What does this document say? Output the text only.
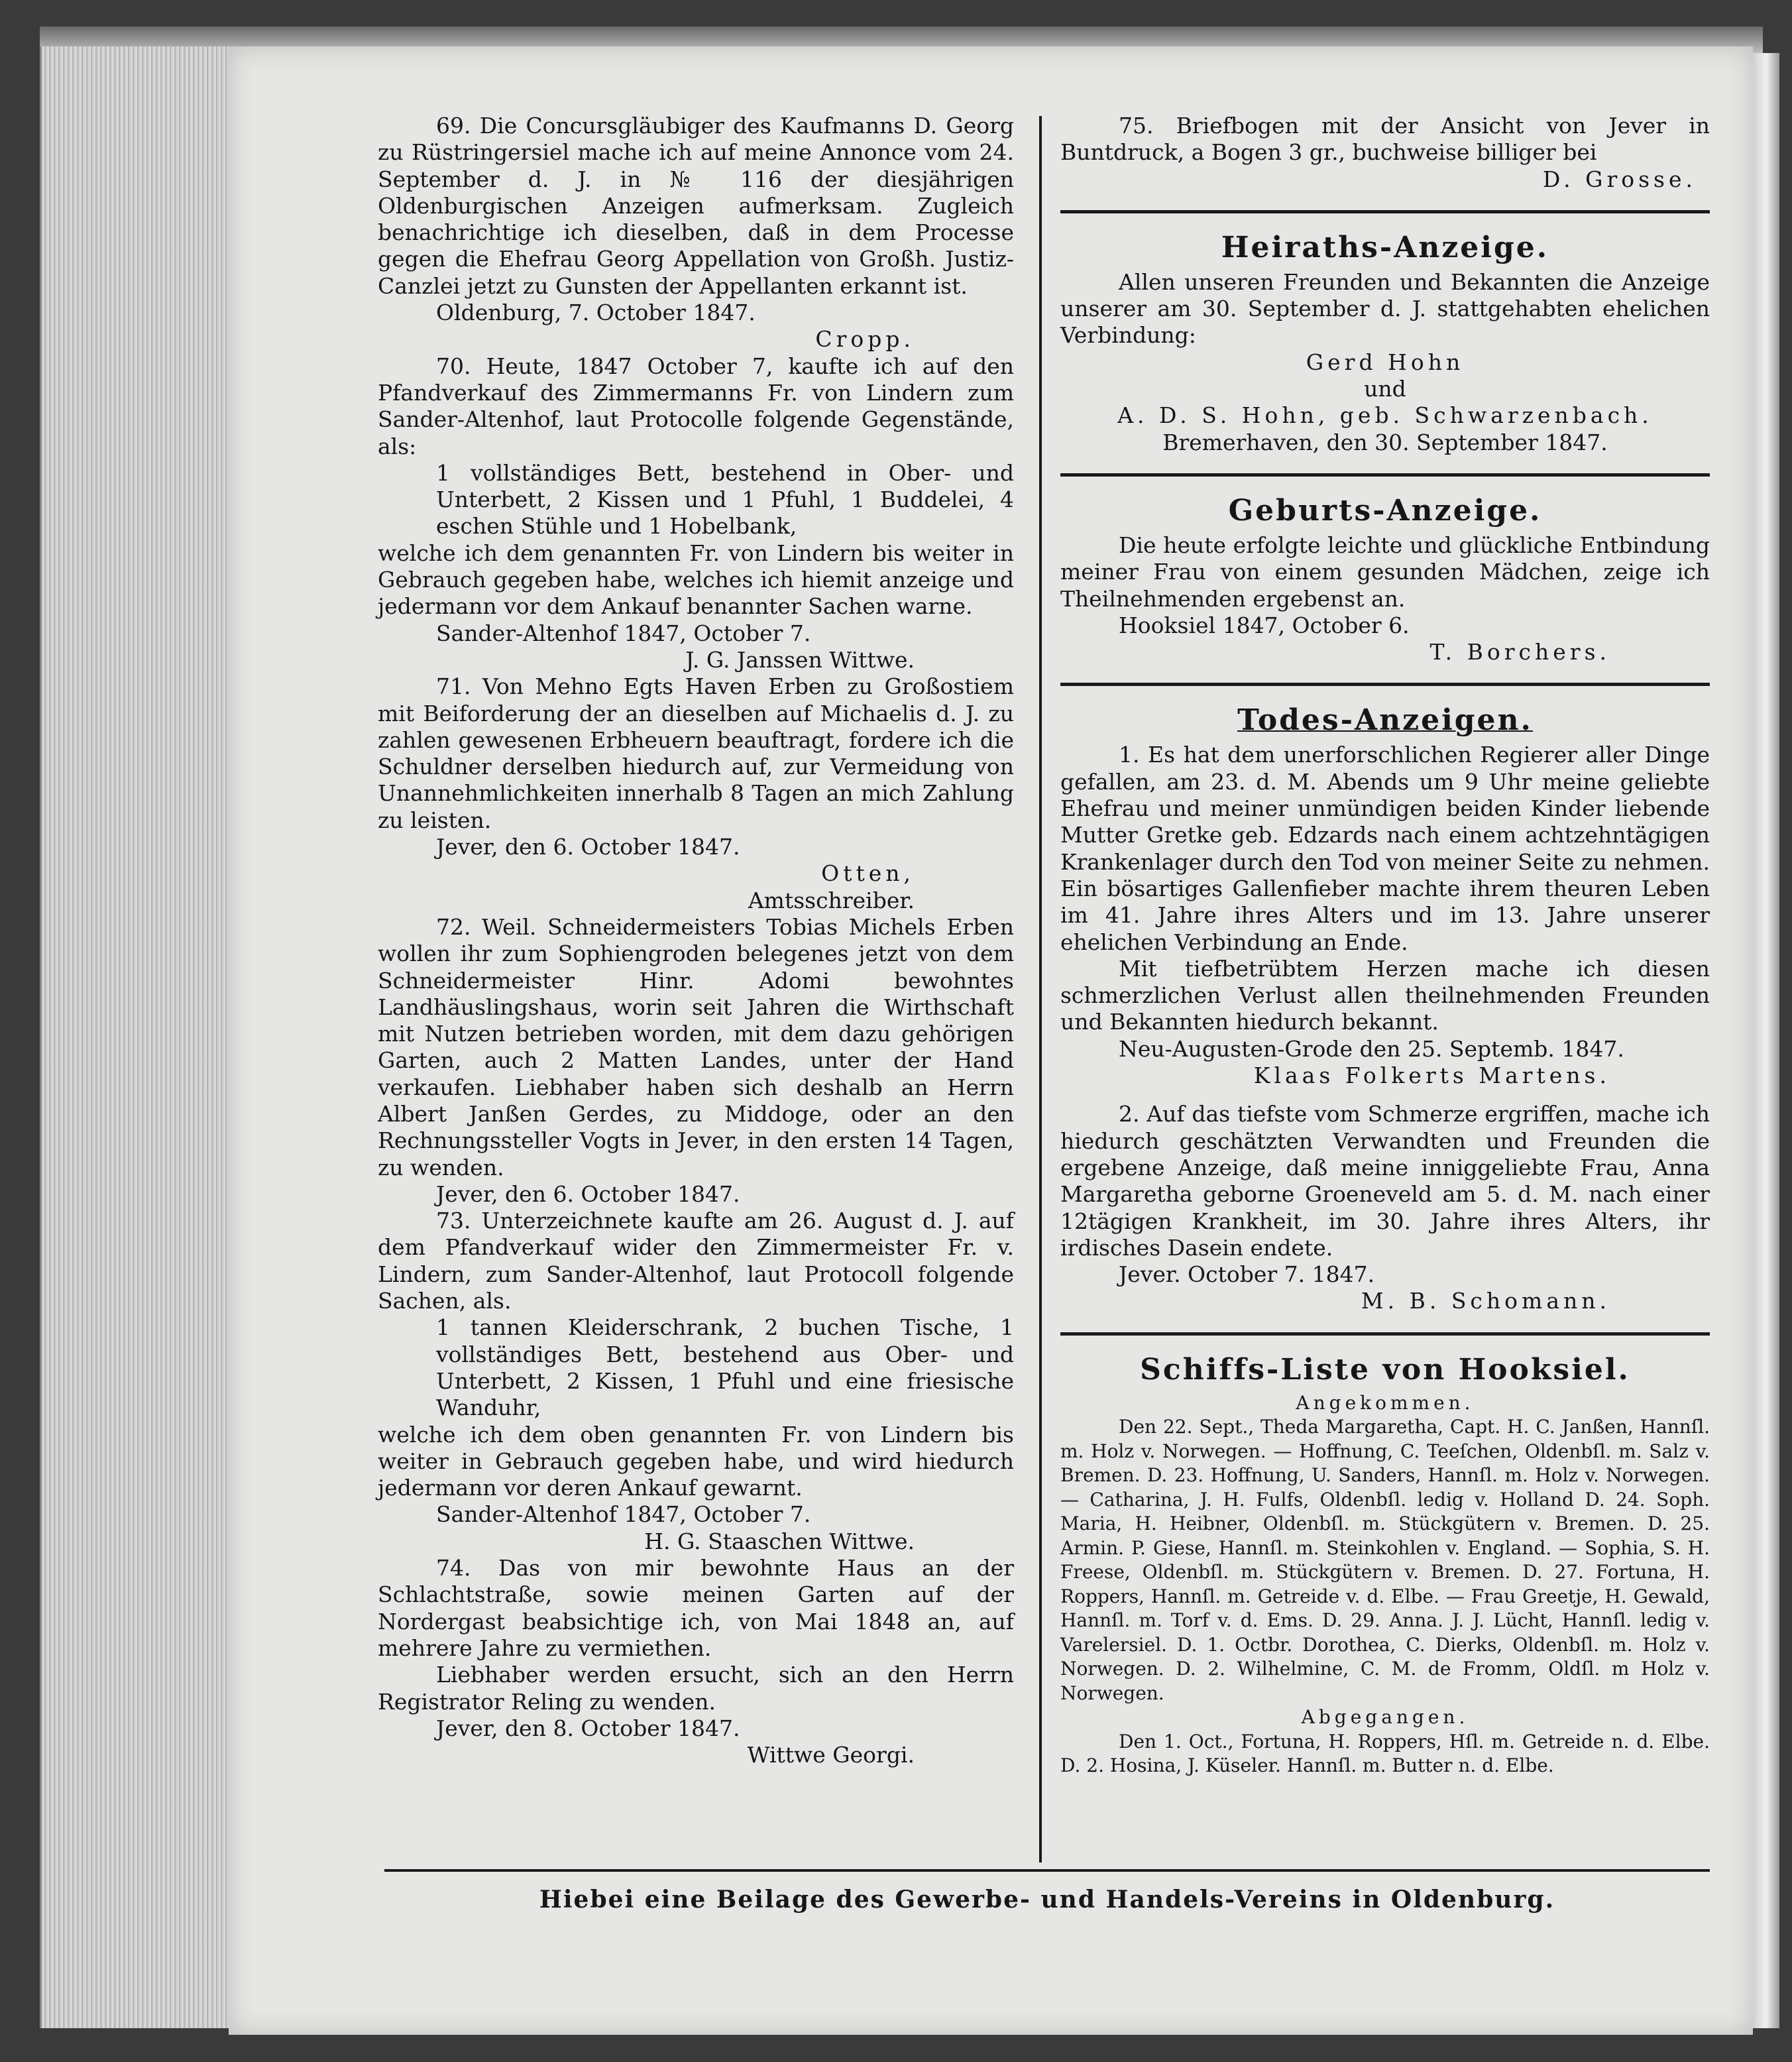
69. Die Concursgläubiger des Kaufmanns D. Georg zu Rüstringersiel mache ich auf meine Annonce vom 24. September d. J. in № 116 der diesjährigen Oldenburgischen Anzeigen aufmerksam. Zugleich benachrichtige ich dieselben, daß in dem Processe gegen die Ehefrau Georg Appellation von Großh. Justiz-Canzlei jetzt zu Gunsten der Appellanten erkannt ist.

Oldenburg, 7. October 1847.

Cropp.

70. Heute, 1847 October 7, kaufte ich auf den Pfandverkauf des Zimmermanns Fr. von Lindern zum Sander-Altenhof, laut Protocolle folgende Gegenstände, als:

1 vollständiges Bett, bestehend in Ober- und Unterbett, 2 Kissen und 1 Pfuhl, 1 Buddelei, 4 eschen Stühle und 1 Hobelbank,

welche ich dem genannten Fr. von Lindern bis weiter in Gebrauch gegeben habe, welches ich hiemit anzeige und jedermann vor dem Ankauf benannter Sachen warne.

Sander-Altenhof 1847, October 7.

J. G. Janssen Wittwe.

71. Von Mehno Egts Haven Erben zu Großostiem mit Beiforderung der an dieselben auf Michaelis d. J. zu zahlen gewesenen Erbheuern beauftragt, fordere ich die Schuldner derselben hiedurch auf, zur Vermeidung von Unannehmlichkeiten innerhalb 8 Tagen an mich Zahlung zu leisten.

Jever, den 6. October 1847.

Otten,

Amtsschreiber.

72. Weil. Schneidermeisters Tobias Michels Erben wollen ihr zum Sophiengroden belegenes jetzt von dem Schneidermeister Hinr. Adomi bewohntes Landhäuslingshaus, worin seit Jahren die Wirthschaft mit Nutzen betrieben worden, mit dem dazu gehörigen Garten, auch 2 Matten Landes, unter der Hand verkaufen. Liebhaber haben sich deshalb an Herrn Albert Janßen Gerdes, zu Middoge, oder an den Rechnungssteller Vogts in Jever, in den ersten 14 Tagen, zu wenden.

Jever, den 6. October 1847.

73. Unterzeichnete kaufte am 26. August d. J. auf dem Pfandverkauf wider den Zimmermeister Fr. v. Lindern, zum Sander-Altenhof, laut Protocoll folgende Sachen, als.

1 tannen Kleiderschrank, 2 buchen Tische, 1 vollständiges Bett, bestehend aus Ober- und Unterbett, 2 Kissen, 1 Pfuhl und eine friesische Wanduhr,

welche ich dem oben genannten Fr. von Lindern bis weiter in Gebrauch gegeben habe, und wird hiedurch jedermann vor deren Ankauf gewarnt.

Sander-Altenhof 1847, October 7.

H. G. Staaschen Wittwe.

74. Das von mir bewohnte Haus an der Schlachtstraße, sowie meinen Garten auf der Nordergast beabsichtige ich, von Mai 1848 an, auf mehrere Jahre zu vermiethen.

Liebhaber werden ersucht, sich an den Herrn Registrator Reling zu wenden.

Jever, den 8. October 1847.

Wittwe Georgi.

75. Briefbogen mit der Ansicht von Jever in Buntdruck, a Bogen 3 gr., buchweise billiger bei

D. Grosse.

Heiraths-Anzeige.

Allen unseren Freunden und Bekannten die Anzeige unserer am 30. September d. J. stattgehabten ehelichen Verbindung:

Gerd Hohn

und

A. D. S. Hohn, geb. Schwarzenbach.

Bremerhaven, den 30. September 1847.

Geburts-Anzeige.

Die heute erfolgte leichte und glückliche Entbindung meiner Frau von einem gesunden Mädchen, zeige ich Theilnehmenden ergebenst an.

Hooksiel 1847, October 6.

T. Borchers.

Todes-Anzeigen.

1. Es hat dem unerforschlichen Regierer aller Dinge gefallen, am 23. d. M. Abends um 9 Uhr meine geliebte Ehefrau und meiner unmündigen beiden Kinder liebende Mutter Gretke geb. Edzards nach einem achtzehntägigen Krankenlager durch den Tod von meiner Seite zu nehmen. Ein bösartiges Gallenfieber machte ihrem theuren Leben im 41. Jahre ihres Alters und im 13. Jahre unserer ehelichen Verbindung an Ende.

Mit tiefbetrübtem Herzen mache ich diesen schmerzlichen Verlust allen theilnehmenden Freunden und Bekannten hiedurch bekannt.

Neu-Augusten-Grode den 25. Septemb. 1847.

Klaas Folkerts Martens.

2. Auf das tiefste vom Schmerze ergriffen, mache ich hiedurch geschätzten Verwandten und Freunden die ergebene Anzeige, daß meine inniggeliebte Frau, Anna Margaretha geborne Groeneveld am 5. d. M. nach einer 12tägigen Krankheit, im 30. Jahre ihres Alters, ihr irdisches Dasein endete.

Jever. October 7. 1847.

M. B. Schomann.

Schiffs-Liste von Hooksiel.

Angekommen.

Den 22. Sept., Theda Margaretha, Capt. H. C. Janßen, Hannſl. m. Holz v. Norwegen. — Hoffnung, C. Teeſchen, Oldenbſl. m. Salz v. Bremen. D. 23. Hoffnung, U. Sanders, Hannſl. m. Holz v. Norwegen. — Catharina, J. H. Fulfs, Oldenbſl. ledig v. Holland D. 24. Soph. Maria, H. Heibner, Oldenbſl. m. Stückgütern v. Bremen. D. 25. Armin. P. Giese, Hannſl. m. Steinkohlen v. England. — Sophia, S. H. Freese, Oldenbſl. m. Stückgütern v. Bremen. D. 27. Fortuna, H. Roppers, Hannſl. m. Getreide v. d. Elbe. — Frau Greetje, H. Gewald, Hannſl. m. Torf v. d. Ems. D. 29. Anna. J. J. Lücht, Hannſl. ledig v. Varelersiel. D. 1. Octbr. Dorothea, C. Dierks, Oldenbſl. m. Holz v. Norwegen. D. 2. Wilhelmine, C. M. de Fromm, Oldſl. m Holz v. Norwegen.

Abgegangen.

Den 1. Oct., Fortuna, H. Roppers, Hſl. m. Getreide n. d. Elbe. D. 2. Hosina, J. Küseler. Hannſl. m. Butter n. d. Elbe.

Hiebei eine Beilage des Gewerbe- und Handels-Vereins in Oldenburg.
